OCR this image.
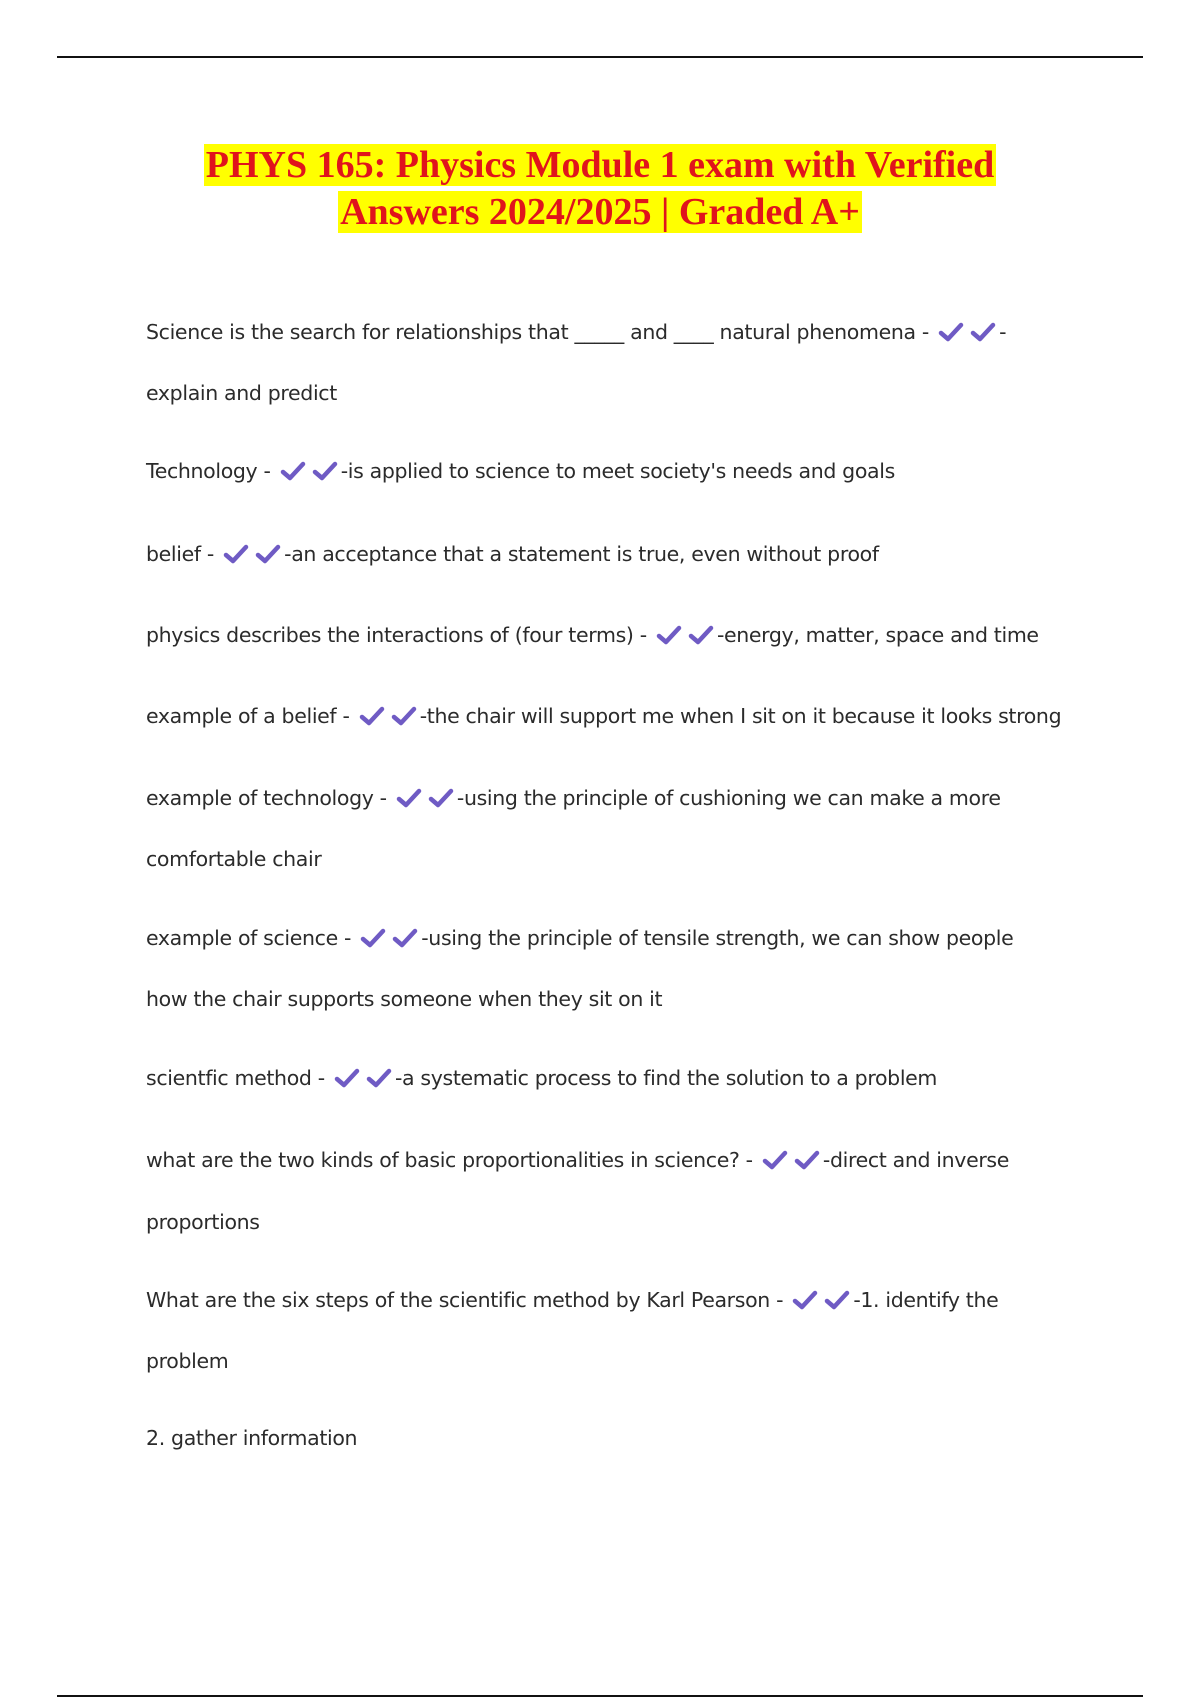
PHYS 165: Physics Module 1 exam with Verified
Answers 2024/2025 | Graded A+
Science is the search for relationships that _____ and ____ natural phenomena -	-
explain and predict
Technology -	-is applied to science to meet society's needs and goals
belief -	-an acceptance that a statement is true, even without proof
physics describes the interactions of (four terms) -	-energy, matter, space and time
example of a belief -	-the chair will support me when I sit on it because it looks strong
example of technology -	-using the principle of cushioning we can make a more
comfortable chair
example of science -	-using the principle of tensile strength, we can show people
how the chair supports someone when they sit on it
scientfic method -	-a systematic process to find the solution to a problem
what are the two kinds of basic proportionalities in science? -	-direct and inverse
proportions
What are the six steps of the scientific method by Karl Pearson -	-1. identify the
problem
2. gather information
